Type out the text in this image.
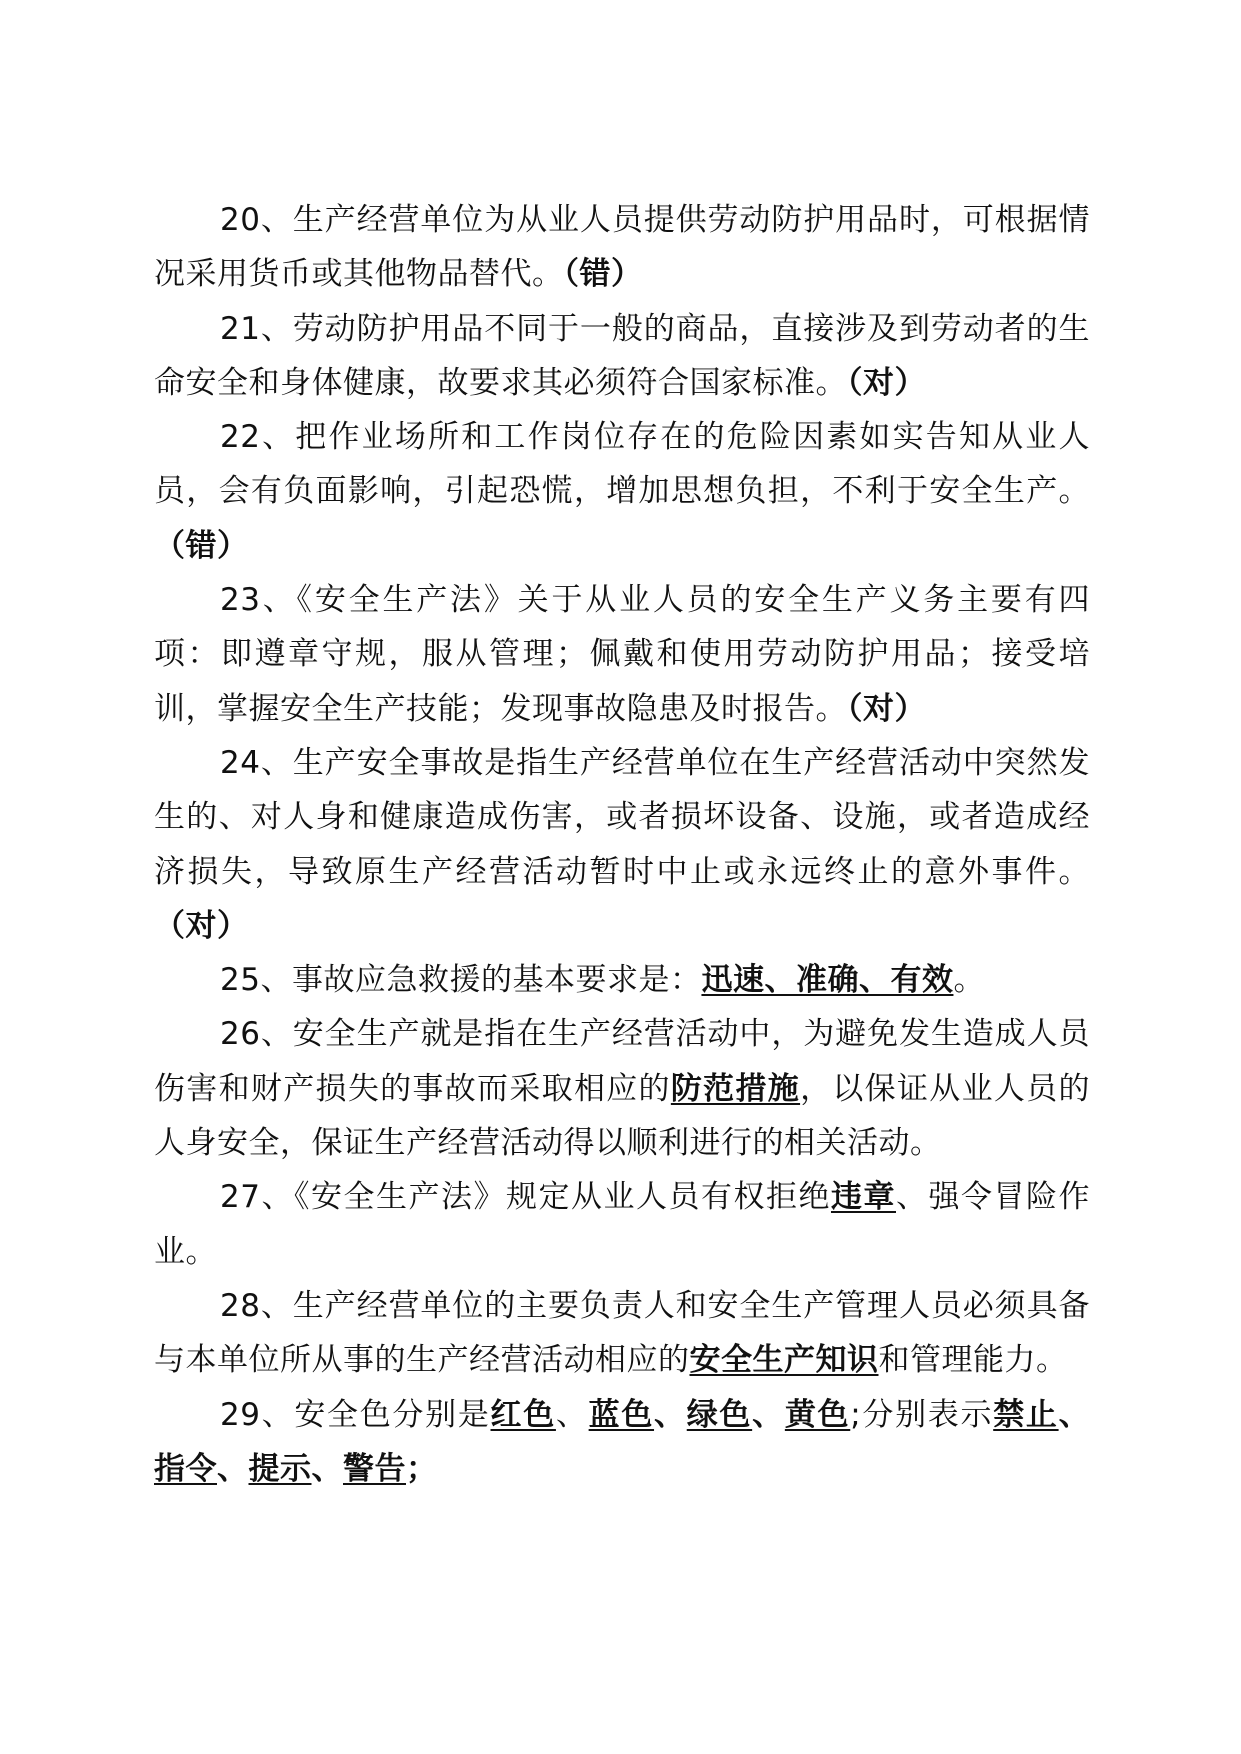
20、生产经营单位为从业人员提供劳动防护用品时，可根据情况采用货币或其他物品替代。（错）

21、劳动防护用品不同于一般的商品，直接涉及到劳动者的生命安全和身体健康，故要求其必须符合国家标准。（对）

22、把作业场所和工作岗位存在的危险因素如实告知从业人员，会有负面影响，引起恐慌，增加思想负担，不利于安全生产。（错）

23、《安全生产法》关于从业人员的安全生产义务主要有四项：即遵章守规，服从管理；佩戴和使用劳动防护用品；接受培训，掌握安全生产技能；发现事故隐患及时报告。（对）

24、生产安全事故是指生产经营单位在生产经营活动中突然发生的、对人身和健康造成伤害，或者损坏设备、设施，或者造成经济损失，导致原生产经营活动暂时中止或永远终止的意外事件。（对）

25、事故应急救援的基本要求是：迅速、准确、有效。

26、安全生产就是指在生产经营活动中，为避免发生造成人员伤害和财产损失的事故而采取相应的防范措施，以保证从业人员的人身安全，保证生产经营活动得以顺利进行的相关活动。

27、《安全生产法》规定从业人员有权拒绝违章、强令冒险作业。

28、生产经营单位的主要负责人和安全生产管理人员必须具备与本单位所从事的生产经营活动相应的安全生产知识和管理能力。

29、安全色分别是红色、蓝色、绿色、黄色;分别表示禁止、指令、提示、警告；
